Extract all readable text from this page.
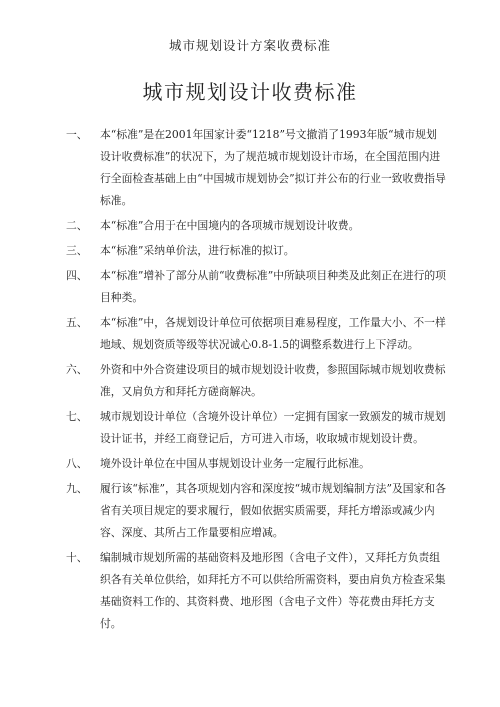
城市规划设计方案收费标准
城市规划设计收费标准
一、	本“标准”是在2001年国家计委“1218”号文撤消了1993年版“城市规划设计收费标准”的状况下，为了规范城市规划设计市场，在全国范围内进行全面检查基础上由“中国城市规划协会”拟订并公布的行业一致收费指导标准。
二、	本“标准”合用于在中国境内的各项城市规划设计收费。
三、	本“标准”采纳单价法，进行标准的拟订。
四、	本“标准”增补了部分从前“收费标准”中所缺项目种类及此刻正在进行的项目种类。
五、	本“标准”中，各规划设计单位可依据项目难易程度，工作量大小、不一样地域、规划资质等级等状况诚心0.8-1.5的调整系数进行上下浮动。
六、	外资和中外合资建设项目的城市规划设计收费，参照国际城市规划收费标准，又肩负方和拜托方磋商解决。
七、	城市规划设计单位（含境外设计单位）一定拥有国家一致颁发的城市规划设计证书，并经工商登记后，方可进入市场，收取城市规划设计费。
八、	境外设计单位在中国从事规划设计业务一定履行此标准。
九、	履行该“标准”，其各项规划内容和深度按“城市规划编制方法”及国家和各省有关项目规定的要求履行，假如依据实质需要，拜托方增添或减少内容、深度、其所占工作量要相应增减。
十、	编制城市规划所需的基础资料及地形图（含电子文件），又拜托方负责组织各有关单位供给，如拜托方不可以供给所需资料，要由肩负方检查采集基础资料工作的、其资料费、地形图（含电子文件）等花费由拜托方支付。
